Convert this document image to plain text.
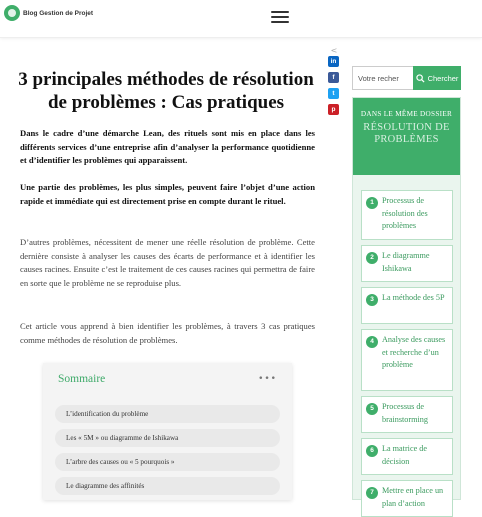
Blog Gestion de Projet
<
in
f
t
p
3 principales méthodes de résolution de problèmes : Cas pratiques

Dans le cadre d’une démarche Lean, des rituels sont mis en place dans les différents services d’une entreprise afin d’analyser la performance quotidienne et d’identifier les problèmes qui apparaissent.

Une partie des problèmes, les plus simples, peuvent faire l’objet d’une action rapide et immédiate qui est directement prise en compte durant le rituel.

D’autres problèmes, nécessitent de mener une réelle résolution de problème. Cette dernière consiste à analyser les causes des écarts de performance et à identifier les causes racines. Ensuite c’est le traitement de ces causes racines qui permettra de faire en sorte que le problème ne se reproduise plus.

Cet article vous apprend à bien identifier les problèmes, à travers 3 cas pratiques comme méthodes de résolution de problèmes.

Sommaire	•••
L’identification du problème
Les « 5M » ou diagramme de Ishikawa
L’arbre des causes ou « 5 pourquois »
Le diagramme des affinités
Votre recher
Chercher
DANS LE MÊME DOSSIER
RÉSOLUTION DE PROBLÈMES
1 Processus de résolution des problèmes
2 Le diagramme Ishikawa
3 La méthode des 5P
4 Analyse des causes et recherche d’un problème
5 Processus de brainstorming
6 La matrice de décision
7 Mettre en place un plan d’action
